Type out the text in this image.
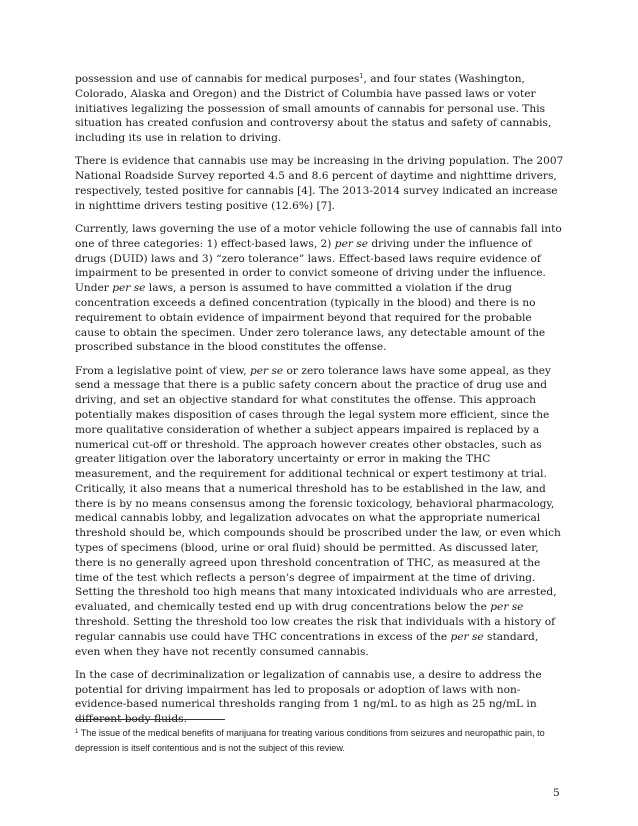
possession and use of cannabis for medical purposes$^1$, and four states (Washington, Colorado, Alaska and Oregon) and the District of Columbia have passed laws or voter initiatives legalizing the possession of small amounts of cannabis for personal use. This situation has created confusion and controversy about the status and safety of cannabis, including its use in relation to driving.

There is evidence that cannabis use may be increasing in the driving population. The 2007 National Roadside Survey reported 4.5 and 8.6 percent of daytime and nighttime drivers, respectively, tested positive for cannabis [4]. The 2013-2014 survey indicated an increase in nighttime drivers testing positive (12.6%) [7].

Currently, laws governing the use of a motor vehicle following the use of cannabis fall into one of three categories: 1) effect-based laws, 2) per se driving under the influence of drugs (DUID) laws and 3) “zero tolerance” laws. Effect-based laws require evidence of impairment to be presented in order to convict someone of driving under the influence. Under per se laws, a person is assumed to have committed a violation if the drug concentration exceeds a defined concentration (typically in the blood) and there is no requirement to obtain evidence of impairment beyond that required for the probable cause to obtain the specimen. Under zero tolerance laws, any detectable amount of the proscribed substance in the blood constitutes the offense.

From a legislative point of view, per se or zero tolerance laws have some appeal, as they send a message that there is a public safety concern about the practice of drug use and driving, and set an objective standard for what constitutes the offense. This approach potentially makes disposition of cases through the legal system more efficient, since the more qualitative consideration of whether a subject appears impaired is replaced by a numerical cut-off or threshold. The approach however creates other obstacles, such as greater litigation over the laboratory uncertainty or error in making the THC measurement, and the requirement for additional technical or expert testimony at trial. Critically, it also means that a numerical threshold has to be established in the law, and there is by no means consensus among the forensic toxicology, behavioral pharmacology, medical cannabis lobby, and legalization advocates on what the appropriate numerical threshold should be, which compounds should be proscribed under the law, or even which types of specimens (blood, urine or oral fluid) should be permitted. As discussed later, there is no generally agreed upon threshold concentration of THC, as measured at the time of the test which reflects a person’s degree of impairment at the time of driving. Setting the threshold too high means that many intoxicated individuals who are arrested, evaluated, and chemically tested end up with drug concentrations below the per se threshold. Setting the threshold too low creates the risk that individuals with a history of regular cannabis use could have THC concentrations in excess of the per se standard, even when they have not recently consumed cannabis.

In the case of decriminalization or legalization of cannabis use, a desire to address the potential for driving impairment has led to proposals or adoption of laws with non-evidence-based numerical thresholds ranging from 1 ng/mL to as high as 25 ng/mL in different body fluids.

$^1$ The issue of the medical benefits of marijuana for treating various conditions from seizures and neuropathic pain, to depression is itself contentious and is not the subject of this review.
5
